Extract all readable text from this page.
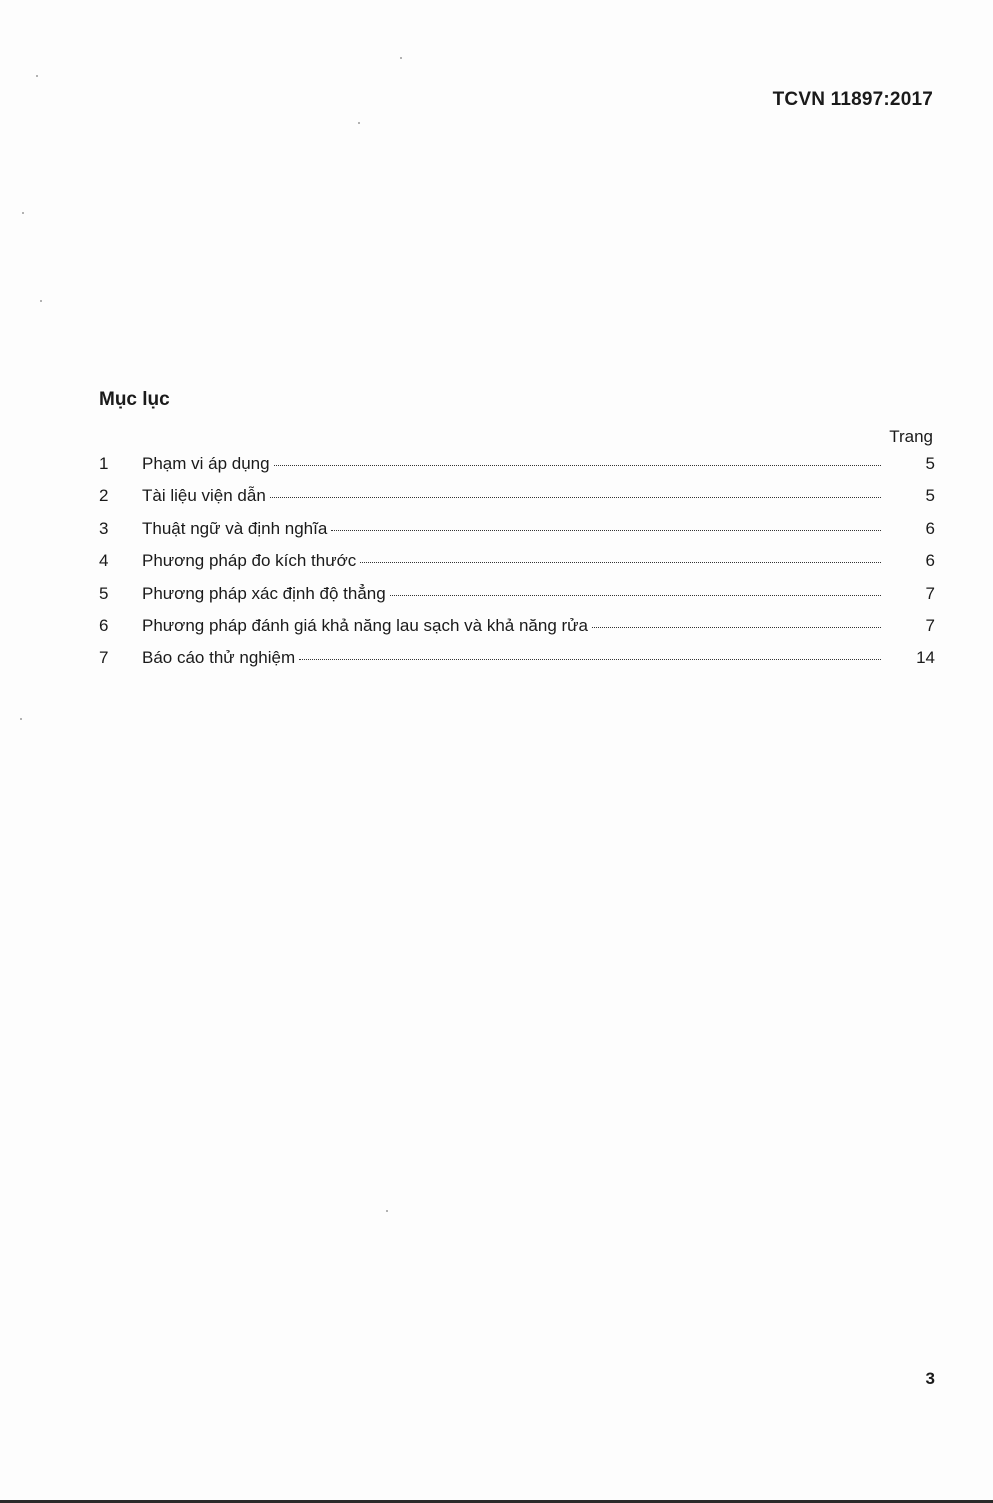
TCVN 11897:2017
Mục lục
Trang
1	Phạm vi áp dụng	5
2	Tài liệu viện dẫn	5
3	Thuật ngữ và định nghĩa	6
4	Phương pháp đo kích thước	6
5	Phương pháp xác định độ thẳng	7
6	Phương pháp đánh giá khả năng lau sạch và khả năng rửa	7
7	Báo cáo thử nghiệm	14
3
